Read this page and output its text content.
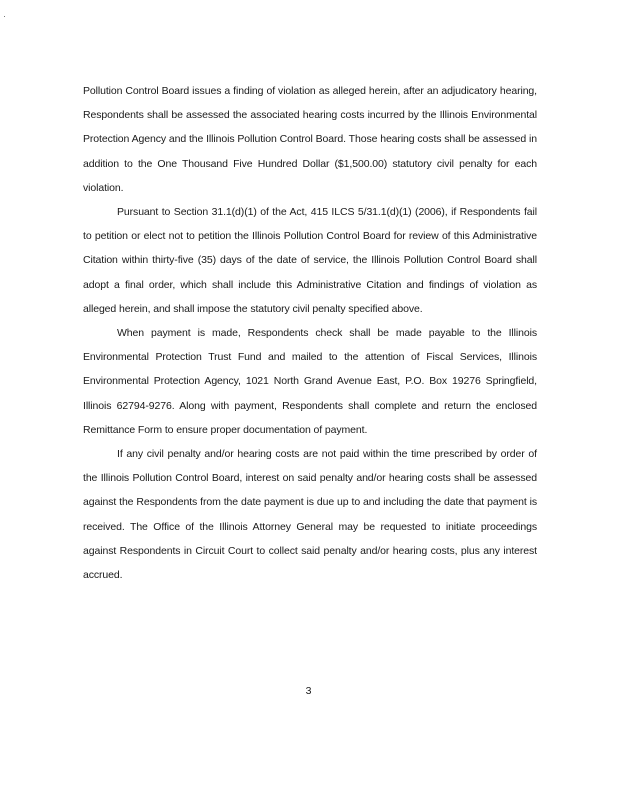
Pollution Control Board issues a finding of violation as alleged herein, after an adjudicatory hearing, Respondents shall be assessed the associated hearing costs incurred by the Illinois Environmental Protection Agency and the Illinois Pollution Control Board. Those hearing costs shall be assessed in addition to the One Thousand Five Hundred Dollar ($1,500.00) statutory civil penalty for each violation.

Pursuant to Section 31.1(d)(1) of the Act, 415 ILCS 5/31.1(d)(1) (2006), if Respondents fail to petition or elect not to petition the Illinois Pollution Control Board for review of this Administrative Citation within thirty-five (35) days of the date of service, the Illinois Pollution Control Board shall adopt a final order, which shall include this Administrative Citation and findings of violation as alleged herein, and shall impose the statutory civil penalty specified above.

When payment is made, Respondents check shall be made payable to the Illinois Environmental Protection Trust Fund and mailed to the attention of Fiscal Services, Illinois Environmental Protection Agency, 1021 North Grand Avenue East, P.O. Box 19276 Springfield, Illinois 62794-9276. Along with payment, Respondents shall complete and return the enclosed Remittance Form to ensure proper documentation of payment.

If any civil penalty and/or hearing costs are not paid within the time prescribed by order of the Illinois Pollution Control Board, interest on said penalty and/or hearing costs shall be assessed against the Respondents from the date payment is due up to and including the date that payment is received. The Office of the Illinois Attorney General may be requested to initiate proceedings against Respondents in Circuit Court to collect said penalty and/or hearing costs, plus any interest accrued.

3
